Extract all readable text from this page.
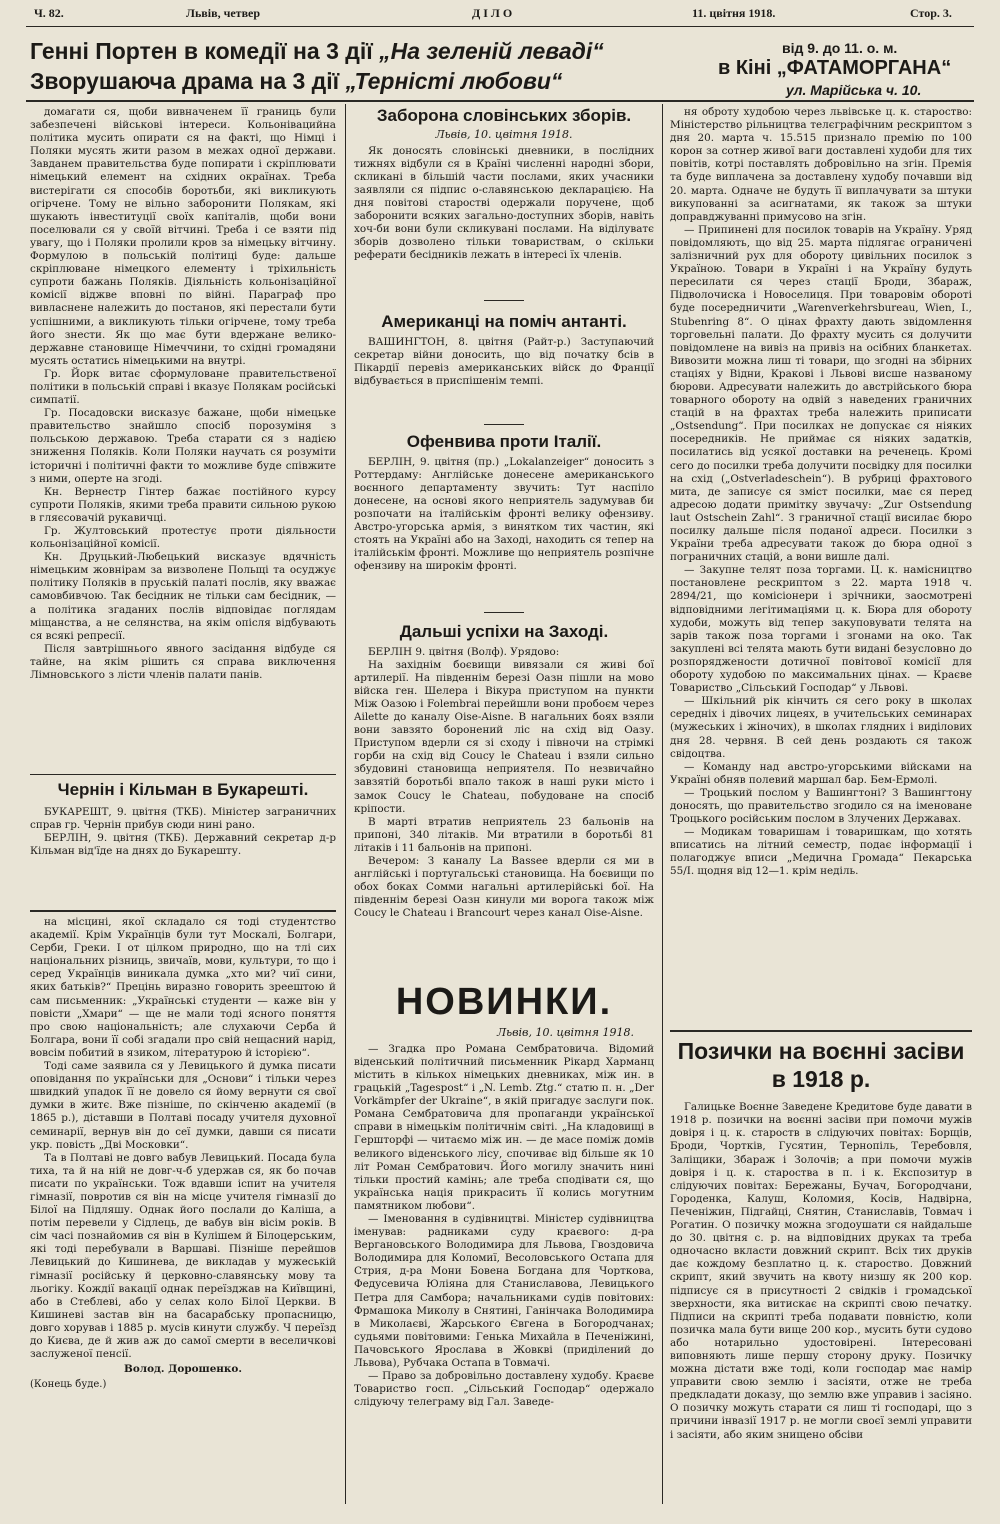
Ч. 82.	Львів, четвер	ДІЛО	11. цвітня 1918.	Стор. 3.
Генні Портен в комедії на 3 дії „На зеленій леваді“
Зворушаюча драма на 3 дії „Терністі любови“
від 9. до 11. о. м.
в Кіні „ФАТАМОРГАНА“
ул. Марійська ч. 10.

домагати ся, щоби вивначенем її границь були забезпечені військові інтереси. Кольонівацийна політика мусить опирати ся на факті, що Німці і Поляки мусять жити разом в межах одної держави. Завданем правительства буде попирати і скріплювати німецький елемент на східних окраїнах. Треба вистерігати ся способів боротьби, які викликують огірчене. Тому не вільно заборонити Полякам, які шукають інвеституції своїх капіталів, щоби вони поселювали ся у своїй вітчині. Треба і се взяти під увагу, що і Поляки пролили кров за німецьку вітчину. Формулою в польській політиці буде: дальше скріплюване німецкого елементу і тріхильність супроти бажань Поляків. Діяльність кольонізаційної комісії віджве вповні по війні. Параграф про вивласнене належить до постанов, які перестали бути успішними, а викликують тільки огірчене, тому треба його знести. Як що має бути вдержане велико-державне становище Німеччини, то східні громадяни мусять остатись німецькими на внутрі.

Гр. Йорк витає сформуловане правительственої політики в польській справі і вказує Полякам російські симпатії.

Гр. Посадовски висказує бажане, щоби німецьке правительство знайшло спосіб порозуміня з польською державою. Треба старати ся з надією зниження Поляків. Коли Поляки научать ся розуміти історичні і політичні факти то можливе буде співжите з ними, оперте на згоді.

Кн. Вернестр Гінтер бажає постійного курсу супроти Поляків, якими треба правити сильною рукою в гляєсовачій рукавичці.

Гр. Жултовський протестує проти діяльности кольонізаційної комісії.

Кн. Друцький-Любецький висказує вдячність німецьким жовнірам за визволене Польщі та осуджує політику Поляків в пруській палаті послів, яку вважає самовбивчою. Так бесідник не тільки сам бесідник, — а політика згаданих послів відповідає поглядам міщанства, а не селянства, на якім опісля відбувають ся всякі репресії.

Після завтрішнього явного засідання відбуде ся тайне, на якім рішить ся справа виключення Лімновського з лісти членів палати панів.

Чернін і Кільман в Букарешті.

БУКАРЕШТ, 9. цвітня (ТКБ). Міністер заграничних справ гр. Чернін прибув сюди нині рано.

БЕРЛІН, 9. цвітня (ТКБ). Державний секретар д-р Кільман від'їде на днях до Букарешту.

на місцині, якої складало ся тоді студентство академії. Крім Українців були тут Москалі, Болгари, Серби, Греки. І от цілком природно, що на тлі сих національних різниць, звичаїв, мови, культури, то що і серед Українців виникала думка „хто ми? чиї сини, яких батьків?“ Прецінь виразно говорить зреештою й сам письменник: „Українські студенти — каже він у повісти „Хмари“ — ще не мали тоді ясного поняття про свою національність; але слухаючи Серба й Болгара, вони її собі згадали про свій нещасний нарід, вовсім побитий в язиком, літературою й історією“.

Тоді саме заявила ся у Левицького й думка писати оповідання по українськи для „Основи“ і тільки через швидкий упадок її не довело ся йому вернути ся свої думки в житє. Вже пізніше, по скінченю академії (в 1865 р.), діставши в Полтаві посаду учителя духовної семинарії, вернув він до сеї думки, давши ся писати укр. повість „Дві Московки“.

Та в Полтаві не довго вабув Левицький. Посада була тиха, та й на ній не довг-ч-б удержав ся, як бо почав писати по українськи. Тож вдавши іспит на учителя гімназії, повротив ся він на місце учителя гімназії до Білої на Підляшу. Однак його послали до Каліша, а потім перевели у Сідлець, де вабув він вісім років. В сім часі познайомив ся він в Кулішем й Білоцерським, які тоді перебували в Варшаві. Пізніше перейшов Левицький до Кишинева, де викладав у мужеській гімназії російську й церковно-славянську мову та льогіку. Кождії вакації однак переїзджав на Київщині, або в Стеблеві, або у селах коло Білої Церкви. В Кишиневі застав він на басарабську пропасницю, довго хорував і 1885 р. мусів кинути службу. Ч переїзд до Києва, де й жив аж до самої смерти в веселичкові заслуженої пенсії.

Волод. Дорошенко.
(Конець буде.)
Заборона словінських зборів.
Львів, 10. цвітня 1918.

Як доносять словінські дневники, в послідних тижнях відбули ся в Країні численні народні збори, скликані в більшій части послами, яких учасники заявляли ся підпис о-славянською декларацією. На дня повітові старостві одержали поручене, щоб заборонити всяких загально-доступних зборів, навіть хоч-би вони були скликувані послами. На віділуватє зборів дозволено тільки товариствам, о скільки реферати бесідників лежать в інтересі їх членів.

Американці на поміч антанті.

ВАШИНГТОН, 8. цвітня (Райт-р.) Заступаючий секретар війни доносить, що від початку бсів в Пікардії перевіз американських війск до Франції відбувається в приспішенім темпі.

Офенвива проти Італії.

БЕРЛІН, 9. цвітня (пр.) „Lokalanzeiger“ доносить з Роттердаму: Англійське донесене американського воєнного департаменту звучить: Тут наспіло донесене, на основі якого неприятель задумував би розпочати на італійськім фронті велику офензиву. Австро-угорська армія, з винятком тих частин, які стоять на Україні або на Заході, находить ся тепер на італійськім фронті. Можливе що неприятель розпічне офензиву на широкім фронті.

Дальші успіхи на Заході.

БЕРЛІН 9. цвітня (Волф). Урядово:

На західнім боєвищи вивязали ся живі бої артилерії. На південнім березі Оазн пішли на мово війска ген. Шелера і Вікура приступом на пункти Між Оазою і Folembrai перейшли вони пробоєм через Ailette до каналу Oise-Aisne. В нагальних боях взяли вони завзято боронений ліс на схід від Оазу. Приступом вдерли ся зі сходу і півночи на стрімкі горби на схід від Coucy le Chateau і взяли сильно збудовині становища неприятеля. По незвичайно завзятій боротьбі впало також в наші руки місто і замок Coucy le Chateau, побудоване на спосіб кріпости.

В марті втратив неприятель 23 бальонів на припоні, 340 літаків. Ми втратили в боротьбі 81 літаків і 11 бальонів на припоні.

Вечером: З каналу La Bassee вдерли ся ми в англійські і португальські становища. На боєвищи по обох боках Сомми нагальні артилерійські бої. На південнім березі Оазн кинули ми ворога також між Coucy le Chateau і Brancourt через канал Oise-Aisne.

НОВИНКИ.
Львів, 10. цвітня 1918.

— Згадка про Романа Сембратовича. Відомий віденський політичний письменник Рікард Харманц містить в кількох німецьких дневниках, між ин. в грацькій „Tagespost“ і „N. Lemb. Ztg.“ статю п. н. „Der Vorkämpfer der Ukraine“, в якій пригадує заслуги пок. Романа Сембратовича для пропаганди української справи в німецькім політичнім світі. „На кладовищі в Гершторфі — читаємо між ин. — де масе поміж домів великого віденського лісу, спочиває від більше як 10 літ Роман Сембратович. Його могилу значить нині тільки простий камінь; але треба сподівати ся, що українська нація прикрасить її колись могутним памятником любови“.

— Іменовання в судівництві. Міністер судівництва іменував: радниками суду краєвого: д-ра Вергановського Володимира для Львова, Гвоздовича Володимира для Коломиї, Весоловського Остапа для Стрия, д-ра Мони Бовена Богдана для Чорткова, Федусевича Юліяна для Станиславова, Левицького Петра для Самбора; начальниками судів повітових: Фрмашока Миколу в Снятині, Ганінчака Володимира в Миколаєві, Жарського Євгена в Богородчанах; судьями повітовими: Генька Михайла в Печеніжині, Пачовського Ярослава в Жовкві (приділений до Львова), Рубчака Остапа в Товмачі.

— Право за добровільно доставлену худобу. Краєве Товариство госп. „Сільський Господар“ одержало слідуючу телеграму від Гал. Заведе-

ня оброту худобою через львівське ц. к. староство: Міністерство рільництва телєграфічним рескриптом з дня 20. марта ч. 15.515 признало премію по 100 корон за сотнер живої ваги доставлені худоби для тих повітів, котрі поставлять добровільно на згін. Премія та буде виплачена за доставлену худобу почавши від 20. марта. Одначе не будуть її виплачувати за штуки викупованні за асигнатами, як також за штуки доправджуванні примусово на згін.

— Припинені для посилок товарів на Україну. Уряд повідомляють, що від 25. марта підлягає ограничені залізничний рух для обороту цивільних посилок з Україною. Товари в Україні і на Україну будуть пересилати ся через стації Броди, Збараж, Підволочиска і Новоселиця. При товаровім обороті буде посередничити „Warenverkehrsbureau, Wien, I., Stubenring 8“. О цінах фрахту дають звідомлення торговельні палати. До фрахту мусить ся долучити повідомлене на вивіз на привіз на осібних бланкетах. Вивозити можна лиш ті товари, що згодні на збірних стаціях у Відни, Кракові і Львові висше названому бюрови. Адресувати належить до австрійського бюра товарного обороту на одвій з наведених граничних стацій в на фрахтах треба належить приписати „Ostsendung“. При посилках не допускає ся ніяких посередників. Не приймає ся ніяких задатків, посилатись від усякої доставки на реченець. Кромі сего до посилки треба долучити посвідку для посилки на схід („Ostverladeschein“). В рубриці фрахтового мита, де записує ся зміст посилки, має ся перед адресою додати примітку звучачу: „Zur Ostsendung laut Ostschein Zahl“. З граничної стації висилає бюро посилку дальше після поданої адреси. Посилки з України треба адресувати також до бюра одної з пограничних стацій, а вони вишле далі.

— Закупне телят поза торгами. Ц. к. намісництво постановлене рескриптом з 22. марта 1918 ч. 2894/21, що комісіонери і зрічники, заосмотрені відповідними легітимаціями ц. к. Бюра для обороту худоби, можуть від тепер закуповувати телята на зарів також поза торгами і згонами на око. Так закуплені всі телята мають бути видані безусловно до розпоряджености дотичної повітової комісії для обороту худобою по максимальних цінах. — Краєве Товариство „Сільський Господар“ у Львові.

— Шкільний рік кінчить ся сего року в школах середніх і дівочих лицеях, в учительських семинарах (мужеських і жіночих), в школах глядних і виділових дня 28. червня. В сей день роздають ся також свідоцтва.

— Команду над австро-угорськими війсками на Україні обняв полевий маршал бар. Бем-Ермолі.

— Троцький послом у Вашингтоні? З Вашингтону доносять, що правительство згодило ся на іменоване Троцького російським послом в Злучених Державах.

— Модикам товаришам і товаришкам, що хотять вписатись на літний семестр, подає інформації і полагоджує вписи „Медична Громада“ Пекарська 55/I. щодня від 12—1. крім неділь.

Позички на воєнні засіви в 1918 р.

Галицьке Воєнне Заведене Кредитове буде давати в 1918 р. позички на воєнні засіви при помочи мужів довіря і ц. к. староств в слідуючих повітах: Борщів, Броди, Чортків, Гусятин, Тернопіль, Теребовля, Заліщики, Збараж і Золочів; а при помочи мужів довіря і ц. к. староства в п. і к. Експозитур в слідуючих повітах: Бережаны, Бучач, Богородчани, Городенка, Калуш, Коломия, Косів, Надвірна, Печеніжин, Підгайці, Снятин, Станиславів, Товмач і Рогатин. О позичку можна згодоушати ся найдальше до 30. цвітня с. р. на відповідних друках та треба одночасно вкласти довжний скрипт. Всіх тих друків дає кождому безплатно ц. к. староство. Довжний скрипт, який звучить на квоту низшу як 200 кор. підписує ся в присутності 2 свідків і громадської зверхности, яка витискає на скрипті свою печатку. Підписи на скрипті треба подавати повністю, коли позичка мала бути вище 200 кор., мусить бути судово або нотарильно удостовірені. Інтересовані виповняють лише першу сторону друку. Позичку можна дістати вже тоді, коли господар має намір управити свою землю і засіяти, отже не треба предкладати доказу, що землю вже управив і засіяно. О позичку можуть старати ся лиш ті господарі, що з причини інвазії 1917 р. не могли своєї землі управити і засіяти, або яким знищено обсіви
